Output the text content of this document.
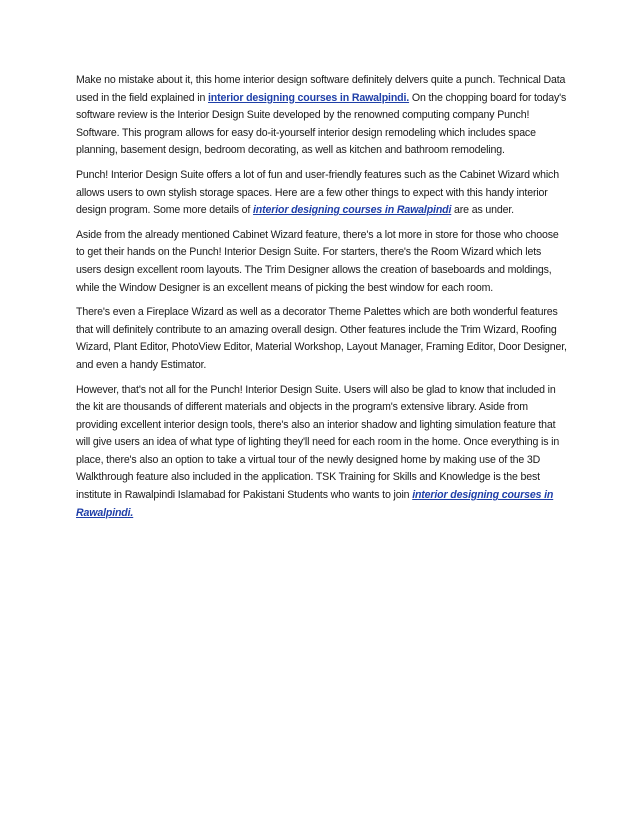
Make no mistake about it, this home interior design software definitely delvers quite a punch. Technical Data used in the field explained in interior designing courses in Rawalpindi. On the chopping board for today's software review is the Interior Design Suite developed by the renowned computing company Punch! Software. This program allows for easy do-it-yourself interior design remodeling which includes space planning, basement design, bedroom decorating, as well as kitchen and bathroom remodeling.

Punch! Interior Design Suite offers a lot of fun and user-friendly features such as the Cabinet Wizard which allows users to own stylish storage spaces. Here are a few other things to expect with this handy interior design program. Some more details of interior designing courses in Rawalpindi are as under.

Aside from the already mentioned Cabinet Wizard feature, there's a lot more in store for those who choose to get their hands on the Punch! Interior Design Suite. For starters, there's the Room Wizard which lets users design excellent room layouts. The Trim Designer allows the creation of baseboards and moldings, while the Window Designer is an excellent means of picking the best window for each room.

There's even a Fireplace Wizard as well as a decorator Theme Palettes which are both wonderful features that will definitely contribute to an amazing overall design. Other features include the Trim Wizard, Roofing Wizard, Plant Editor, PhotoView Editor, Material Workshop, Layout Manager, Framing Editor, Door Designer, and even a handy Estimator.

However, that's not all for the Punch! Interior Design Suite. Users will also be glad to know that included in the kit are thousands of different materials and objects in the program's extensive library. Aside from providing excellent interior design tools, there's also an interior shadow and lighting simulation feature that will give users an idea of what type of lighting they'll need for each room in the home. Once everything is in place, there's also an option to take a virtual tour of the newly designed home by making use of the 3D Walkthrough feature also included in the application. TSK Training for Skills and Knowledge is the best institute in Rawalpindi Islamabad for Pakistani Students who wants to join interior designing courses in Rawalpindi.
